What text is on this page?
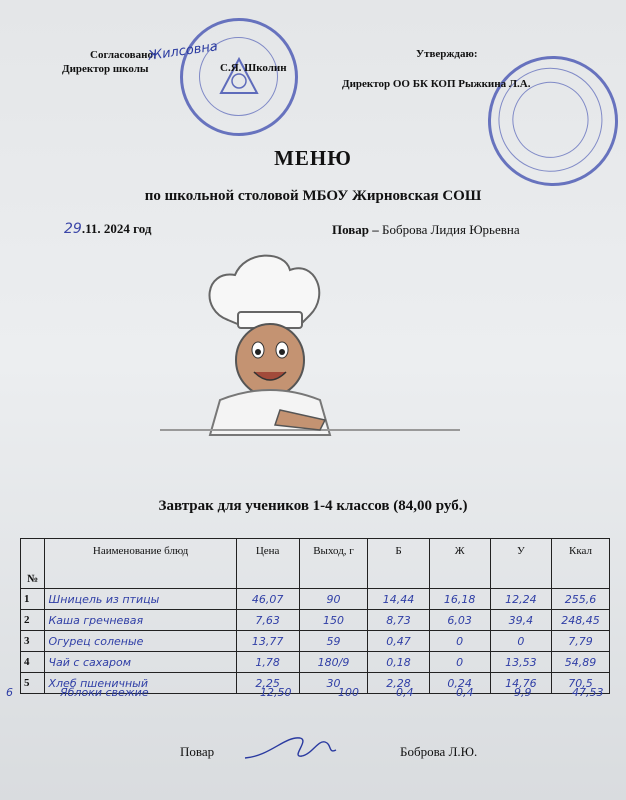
Согласовано:
Директор школы
Жилсовна
С.Я. Школин
Утверждаю:
Директор ОО БК КОП Рыжкина Л.А.
МЕНЮ
по школьной столовой МБОУ Жирновская СОШ
29.11. 2024 год	Повар – Боброва Лидия Юрьевна
Завтрак для учеников 1-4 классов (84,00 руб.)
№	Наименование блюд	Цена	Выход, г	Б	Ж	У	Ккал
1	Шницель из птицы	46,07	90	14,44	16,18	12,24	255,6
2	Каша гречневая	7,63	150	8,73	6,03	39,4	248,45
3	Огурец соленые	13,77	59	0,47	0	0	7,79
4	Чай с сахаром	1,78	180/9	0,18	0	13,53	54,89
5	Хлеб пшеничный	2,25	30	2,28	0,24	14,76	70,5
6	Яблоки свежие	12,50	100	0,4	0,4	9,9	47,53
Повар	Боброва Л.Ю.
